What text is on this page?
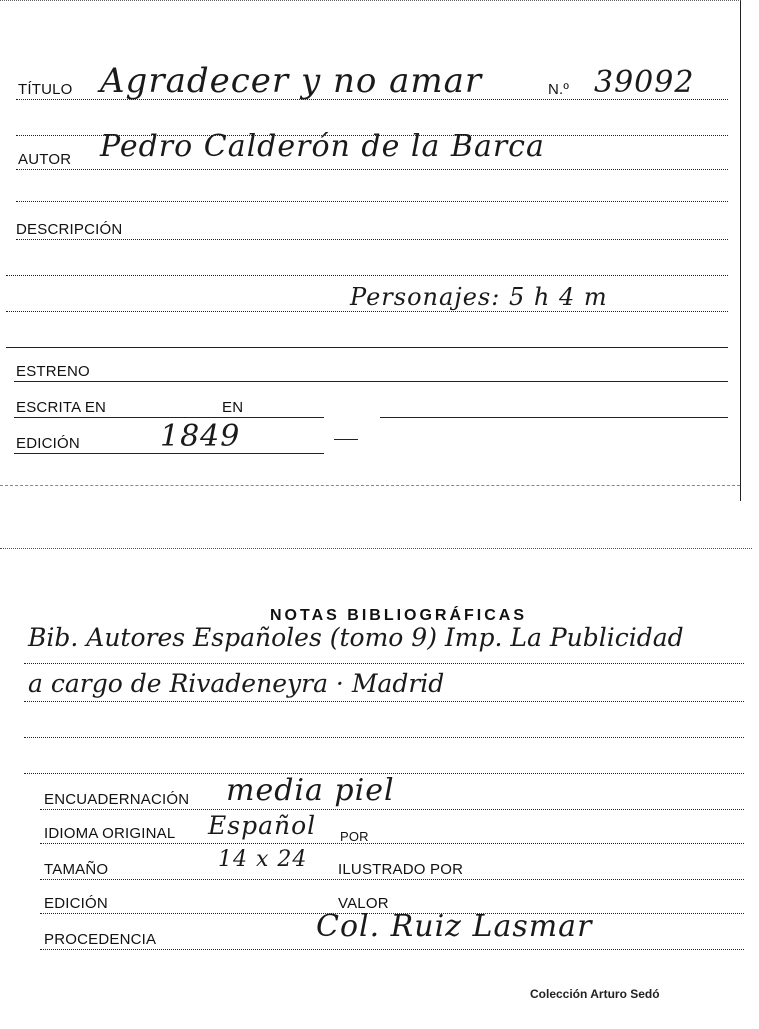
TÍTULO Agradecer y no amar	N.º 39092
AUTOR Pedro Calderón de la Barca
DESCRIPCIÓN
Personajes: 5 h 4 m
ESTRENO
ESCRITA EN	EN
EDICIÓN	1849
NOTAS BIBLIOGRÁFICAS
Bib. Autores Españoles (tomo 9) Imp. La Publicidad
a cargo de Rivadeneyra · Madrid
ENCUADERNACIÓN media piel
IDIOMA ORIGINAL Español POR
TAMAÑO	14 x 24 ILUSTRADO POR
EDICIÓN	VALOR
PROCEDENCIA	Col. Ruiz Lasmar
Colección Arturo Sedó
